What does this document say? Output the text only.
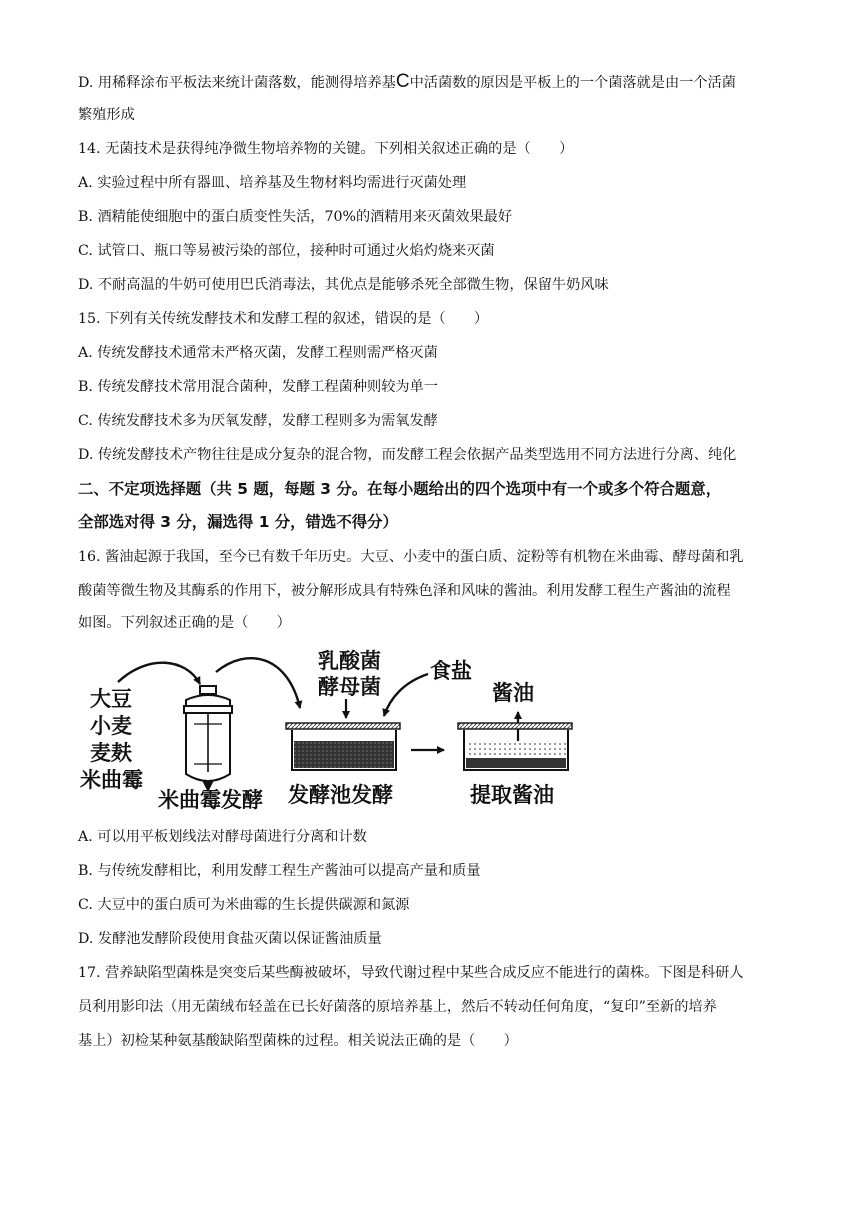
D. 用稀释涂布平板法来统计菌落数，能测得培养基C中活菌数的原因是平板上的一个菌落就是由一个活菌
繁殖形成
14. 无菌技术是获得纯净微生物培养物的关键。下列相关叙述正确的是（　　）
A. 实验过程中所有器皿、培养基及生物材料均需进行灭菌处理
B. 酒精能使细胞中的蛋白质变性失活，70%的酒精用来灭菌效果最好
C. 试管口、瓶口等易被污染的部位，接种时可通过火焰灼烧来灭菌
D. 不耐高温的牛奶可使用巴氏消毒法，其优点是能够杀死全部微生物，保留牛奶风味
15. 下列有关传统发酵技术和发酵工程的叙述，错误的是（　　）
A. 传统发酵技术通常未严格灭菌，发酵工程则需严格灭菌
B. 传统发酵技术常用混合菌种，发酵工程菌种则较为单一
C. 传统发酵技术多为厌氧发酵，发酵工程则多为需氧发酵
D. 传统发酵技术产物往往是成分复杂的混合物，而发酵工程会依据产品类型选用不同方法进行分离、纯化
二、不定项选择题（共 5 题，每题 3 分。在每小题给出的四个选项中有一个或多个符合题意，
全部选对得 3 分，漏选得 1 分，错选不得分）
16. 酱油起源于我国，至今已有数千年历史。大豆、小麦中的蛋白质、淀粉等有机物在米曲霉、酵母菌和乳
酸菌等微生物及其酶系的作用下，被分解形成具有特殊色泽和风味的酱油。利用发酵工程生产酱油的流程
如图。下列叙述正确的是（　　）
大豆
小麦
麦麸
米曲霉
乳酸菌
酵母菌
食盐
酱油
米曲霉发酵 发酵池发酵	提取酱油
A. 可以用平板划线法对酵母菌进行分离和计数
B. 与传统发酵相比，利用发酵工程生产酱油可以提高产量和质量
C. 大豆中的蛋白质可为米曲霉的生长提供碳源和氮源
D. 发酵池发酵阶段使用食盐灭菌以保证酱油质量
17. 营养缺陷型菌株是突变后某些酶被破坏，导致代谢过程中某些合成反应不能进行的菌株。下图是科研人
员利用影印法（用无菌绒布轻盖在已长好菌落的原培养基上，然后不转动任何角度，“复印”至新的培养
基上）初检某种氨基酸缺陷型菌株的过程。相关说法正确的是（　　）
